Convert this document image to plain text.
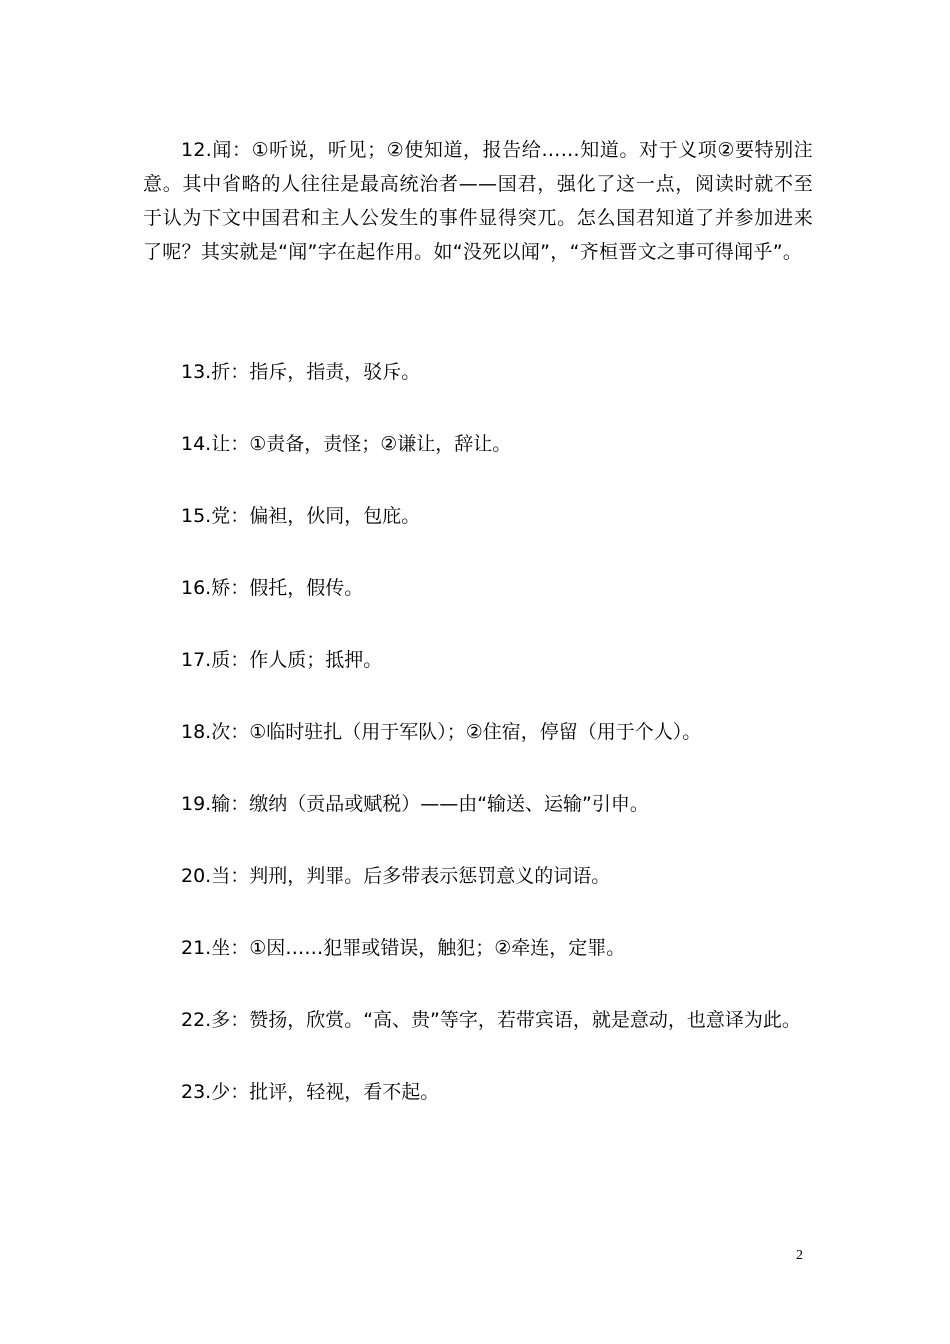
12.闻：①听说，听见；②使知道，报告给……知道。对于义项②要特别注意。其中省略的人往往是最高统治者——国君，强化了这一点，阅读时就不至于认为下文中国君和主人公发生的事件显得突兀。怎么国君知道了并参加进来了呢？其实就是“闻”字在起作用。如“没死以闻”，“齐桓晋文之事可得闻乎”。

13.折：指斥，指责，驳斥。

14.让：①责备，责怪；②谦让，辞让。

15.党：偏袒，伙同，包庇。

16.矫：假托，假传。

17.质：作人质；抵押。

18.次：①临时驻扎（用于军队）；②住宿，停留（用于个人）。

19.输：缴纳（贡品或赋税）——由“输送、运输”引申。

20.当：判刑，判罪。后多带表示惩罚意义的词语。

21.坐：①因……犯罪或错误，触犯；②牵连，定罪。

22.多：赞扬，欣赏。“高、贵”等字，若带宾语，就是意动，也意译为此。

23.少：批评，轻视，看不起。

2
